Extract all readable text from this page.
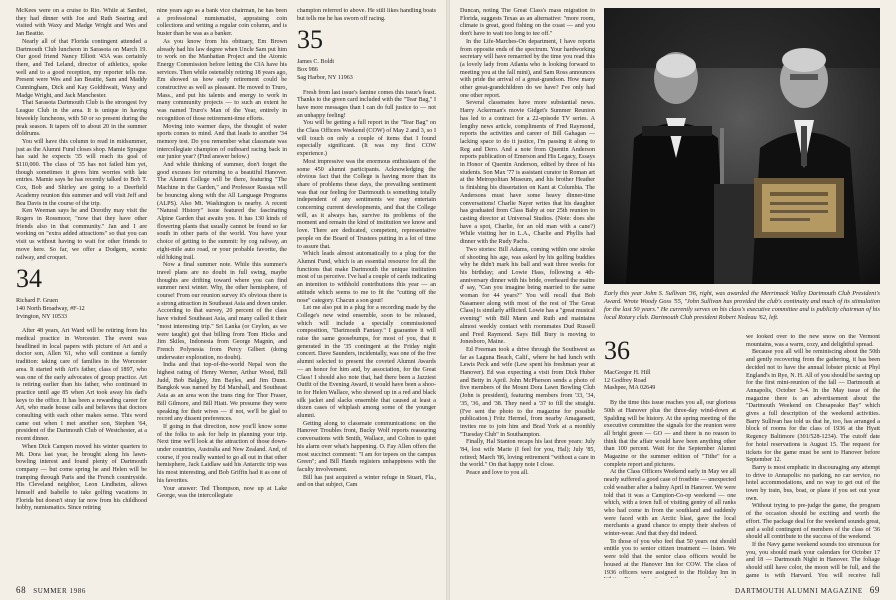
McKees were on a cruise to Rio. While at Sanibel, they had dinner with Joe and Ruth Searing and visited with Waxy and Madge Wright and Wes and Jan Beattie.

Nearly all of that Florida contingent attended a Dartmouth Club luncheon in Sarasota on March 19. Our good friend Nancy Elliott '43A was certainly there, and Ted Leland, director of athletics, spoke well and to a good reception, my reporter tells me. Present were Wes and Jan Beattie, Sam and Maddy Cunningham, Dick and Kay Goldthwait, Waxy and Madge Wright, and Jack Manchester.

That Sarasota Dartmouth Club is the strongest Ivy League Club in the area. It is unique in having biweekly luncheons, with 50 or so present during the peak season. It tapers off to about 20 in the summer doldrums.

You will have this column to read in midsummer, just as the Alumni Fund closes shop. Mamie Sprague has said he expects '35 will reach its goal of $110,000. The class of '35 has not failed him yet, though sometimes it gives him worries with late entries. Mamie says he has recently talked to Bob T. Cox, Bob and Shirley are going to a Deerfield Academy reunion this summer and will visit Jeff and Bea Davis in the course of the trip.

Ken Weeman says he and Dorothy may visit the Rogers in Rossmoor, "now that they have other friends also in that community." Jan and I are working on "extra added attractions" so that you can visit us without having to wait for other friends to move here. So far, we offer a Dodgem, scenic railway, and croquet.

34
Richard F. Gruen
140 North Broadway, #F-12
Irvington, NY 10533

After 48 years, Art Ward will be retiring from his medical practice in Worcester. The event was headlined in local papers with picture of Art and a doctor son, Allen '61, who will continue a family tradition: taking care of families in the Worcester area. It started with Art's father, class of 1897, who was one of the early advocates of group practice. Art is retiring earlier than his father, who continued in practice until age 85 when Art took away his dad's keys to the office. It has been a rewarding career for Art, who made house calls and believes that doctors consulting with each other makes sense. This word came out when I met another son, Stephen '64, president of the Dartmouth Club of Westchester, at a recent dinner.

When Dick Campen moved his winter quarters to Mt. Dora last year, he brought along his lawn-bowling interest and found plenty of Dartmouth company — but come spring he and Helen will be tramping through Paris and the French countryside. His Cleveland neighbor, Leon Lindheim, allows himself and Isabelle to take golfing vacations in Florida but doesn't stray far now from his childhood hobby, numismatics. Since retiring

nine years ago as a bank vice chairman, he has been a professional numismatist, appraising coin collections and writing a regular coin column, and is busier than he was as a banker.

As you know from his obituary, Em Brown already had his law degree when Uncle Sam put him to work on the Manhattan Project and the Atomic Energy Commission before letting the CIA have his services. Then while ostensibly retiring 18 years ago, Em showed us how early retirement could be constructive as well as pleasant. He moved to Truro, Mass., and put his talents and energy to work in many community projects — to such an extent he was named Truro's Man of the Year, entirely in recognition of those retirement-time efforts.

Moving into warmer days, the thought of water sports comes to mind. And that leads to another '34 memory test. Do you remember what classmate was intercollegiate champion of outboard racing back in our junior year? (Find answer below.)

And while thinking of summer, don't forget the good excuses for returning to a beautiful Hanover. The Alumni College will be there, featuring "The Machine in the Garden," and Professor Rassias will be bouncing along with the All Language Programs (ALPS). Also Mt. Washington is nearby. A recent "Natural History" issue featured the fascinating Alpine Garden that awaits you. It has 130 kinds of flowering plants that usually cannot be found so far south in other parts of the world. You have your choice of getting to the summit: by cog railway, an eight-mile auto road, or your probable favorite, the old hiking trail.

Now a final summer note. While this summer's travel plans are no doubt in full swing, maybe thoughts are drifting toward where you can find summer next winter. Why, the other hemisphere, of course! From our reunion survey it's obvious there is a strong attraction in Southeast Asia and down under. According to that survey, 20 percent of the class have visited Southeast Asia, and many called it their "most interesting trip." Sri Lanka (or Ceylon, as we were taught) got that billing from Tom Hicks and Jim Skiles, Indonesia from George Magnin, and French Polynesia from Percy Gilbert (doing underwater exploration, no doubt).

India and that top-of-the-world Nepal won the highest rating of Henry Werner, Arthur Wood, Bill Judd, Bob Balgley, Jim Bayles, and Jim Dunn. Bangkok was named by Ed Marshall, and Southeast Asia as an area won the trans ring for Thor Fraser, Bill Gilmore, and Bill Hiatt. We presume they were speaking for their wives — if not, we'll be glad to record any dissent preferences.

If going in that direction, now you'll know some of the folks to ask for help in planning your trip. Next time we'll look at the attraction of those down-under countries, Australia and New Zealand. And, of course, if you really wanted to go all out in that other hemisphere, Jack Laidlaw said his Antarctic trip was his most interesting, and Bob Griffin had it as one of his favorites.

Your answer: Ted Thompson, now up at Lake George, was the intercollegiate

champion referred to above. He still likes handling boats but tells me he has sworn off racing.

35
James C. Boldt
Box 986
Sag Harbor, NY 11963

Fresh from last issue's famine comes this issue's feast. Thanks to the green card included with the "Tear Bag," I have more messages than I can do full justice to — not an unhappy feeling!

You will be getting a full report in the "Tear Bag" on the Class Officers Weekend (COW) of May 2 and 3, so I will touch on only a couple of items that I found especially significant. (It was my first COW experience.)

Most impressive was the enormous enthusiasm of the some 450 alumni participants. Acknowledging the obvious fact that the College is having more than its share of problems these days, the prevailing sentiment was that our feeling for Dartmouth is something totally independent of any sentiments we may entertain concerning current developments, and that the College will, as it always has, survive its problems of the moment and remain the kind of institution we know and love. There are dedicated, competent, representative people on the Board of Trustees putting in a lot of time to assure that.

Which leads almost automatically to a plug for the Alumni Fund, which is an essential resource for all the functions that make Dartmouth the unique institution most of us perceive. I've had a couple of cards indicating an intention to withhold contributions this year — an attitude which seems to me to fit the "cutting off the nose" category. Chacun a son gout!

Let me also put in a plug for a recording made by the College's new wind ensemble, soon to be released, which will include a specially commissioned composition, "Dartmouth Fantasy." I guarantee it will raise the same goosebumps, for most of you, that it generated in the '35 contingent at the Friday night concert. Dave Saunders, incidentally, was one of the five alumni selected to present the coveted Alumni Awards — an honor for him and, by association, for the Great Class! I should also note that, had there been a Jazziest Outfit of the Evening Award, it would have been a shoo-in for Helen Wallace, who showed up in a red and black silk jacket and slacks ensemble that caused at least a dozen cases of whiplash among some of the younger alumni.

Getting along to classmate communications: on the Hanover Troubles front, Bucky Wolf reports reassuring conversations with Smith, Wallace, and Colton to quiet his alarm over what's happening. O. Fay Allen offers the most succinct comment: "I am for tepees on the campus Green"; and Bill Hands registers unhappiness with the faculty involvement.

Bill has just acquired a winter refuge in Stuart, Fla., and on that subject, Cam

68 SUMMER 1986

Duncan, noting The Great Class's mass migration to Florida, suggests Texas as an alternative: "more room, climate is great, good fishing on the coast — and you don't have to wait too long to tee off."

In the Life-Marches-On department, I have reports from opposite ends of the spectrum. Your hardworking secretary will have remarried by the time you read this (a lovely lady from Atlanta who is looking forward to meeting you at the fall mini), and Sam Ross announces with pride the arrival of a great-grandson. How many other great-grandchildren do we have? I've only had one other report.

Several classmates have more substantial news. Harry Ackerman's movie Gidget's Summer Reunion has led to a contract for a 22-episode TV series. A lengthy news article, compliments of Fred Raymond, reports the activities and career of Bill Gahagan — lacking space to do it justice, I'm passing it along to Reg and Dero. And a note from Quentin Anderson reports publication of Emerson and His Legacy, Essays in Honor of Quentin Anderson, edited by three of his students. Son Max '77 is assistant curator in Roman art at the Metropolitan Museum, and his brother Heather is finishing his dissertation on Kant at Columbia. The Andersons must have some heavy dinner-time conversations! Charlie Nayer writes that his daughter has graduated from Class Baby at our 25th reunion to casting director at Universal Studios. (Note: does she have a spot, Charlie, for an old man with a cane?) While visiting her in L.A., Charlie and Phyllis had dinner with the Rudy Pachs.

Two stories: Bill Adams, coming within one stroke of shooting his age, was asked by his golfing buddies why he didn't mark his ball and wait three weeks for his birthday; and Lowie Hass, following a 4th-anniversary dinner with his bride, overheard the maitre d' say, "Can you imagine being married to the same woman for 44 years?" You will recall that Bob Nasameer along with most of the rest of The Great Class) is similarly afflicted. Lowie has a "great musical evening" with Bill Mann and Ruth and maintains almost weekly contact with roommates Dud Russell and Fred Raymond. Says Bill Bury is moving to Jonesboro, Maine.

Ed Freeman took a drive through the Southwest as far as Laguna Beach, Calif., where he had lunch with Lewis Peck and wife (Lew spent his freshman year at Hanover). Ed was expecting a visit from Dick Huber and Betty in April. John McPherson sends a photo of five members of the Mount Dora Lawn Bowling Club (John is president), featuring members from '33, '34, '35, '36, and '38. They need a '37 to fill the straight. (I've sent the photo to the magazine for possible publication.) Fritz Hermel, from nearby Amagansett, invites me to join him and Brad York at a monthly "Tuesday Club" in Southampton.

Finally, Hal Stanton recaps his last three years: July '84, lost wife Marie (I feel for you, Hal); July '85, retired; March '86, loving retirement "without a care in the world." On that happy note I close.

Peace and love to you all.

Early this year John S. Sullivan '36, right, was awarded the Merrimack Valley Dartmouth Club President's Award. Wrote Woody Goss '55, "John Sullivan has provided the club's continuity and much of its stimulation for the last 50 years." He currently serves on his class's executive committee and is publicity chairman of his local Rotary club. Dartmouth Club president Robert Nedeau '62, left.
36
MacGregor H. Hill
12 Godfrey Road
Mashpee, MA 02649

By the time this issue reaches you all, our glorious 50th at Hanover plus the three-day wind-down at Spalding will be history. At the spring meeting of the executive committee the signals for the reunion were all bright green — GO — and there is no reason to think that the affair would have been anything other than 100 percent. Wait for the September Alumni Magazine or the summer edition of "Tithe" for a complete report and pictures.

At the Class Officers Weekend early in May we all nearly suffered a good case of frostbite — unexpected cold weather after a balmy April in Hanover. We were told that it was a Campion-Co-op weekend — one which, with a town full of visiting gentry of all ranks who had come in from the southland and suddenly were faced with an Arctic blast, gave the local merchants a grand chance to empty their shelves of winter-wear. And that they did indeed.

To those of you who feel that 50 years out should entitle you to senior citizen treatment — listen. We were told that the senior class officers would be housed at the Hanover Inn for COW. The class of 1936 officers were assigned to the Holiday Inn in

we looked over to the new snow on the Vermont mountains, was a warm, cozy, and delightful spread.

Because you all will be reminiscing about the 50th and gently recovering from the gathering, it has been decided not to have the annual lobster picnic at Phyl England's in Rye, N. H. All of you should be saving up for the first mini-reunion of the fall — Dartmouth at Annapolis, October 3-4. In the May issue of the magazine there is an advertisement about the "Dartmouth Weekend on Chesapeake Bay" which gives a full description of the weekend activities. Barry Sullivan has told us that he, too, has arranged a block of rooms for the class of 1936 at the Hyatt Regency Baltimore (301/528-1234). The cutoff date for hotel reservations is August 15. The request for tickets for the game must be sent to Hanover before September 12.

Barry is most emphatic in discouraging any attempt to drive to Annapolis: no parking, no car service, no hotel accommodations, and no way to get out of the town by train, bus, boat, or plane if you set out your own.

Without trying to pre-judge the game, the program of the occasion should be exciting and worth the effort. The package deal for the weekend sounds great, and a solid contingent of members of the class of '36 should all contribute to the success of the weekend.

If the Navy game weekend sounds too strenuous for you, you should mark your calendars for October 17 and 18 — Dartmouth Night in Hanover. The foliage should still have color, the moon will be full, and the game is with Harvard. You will receive full

DARTMOUTH ALUMNI MAGAZINE 69
